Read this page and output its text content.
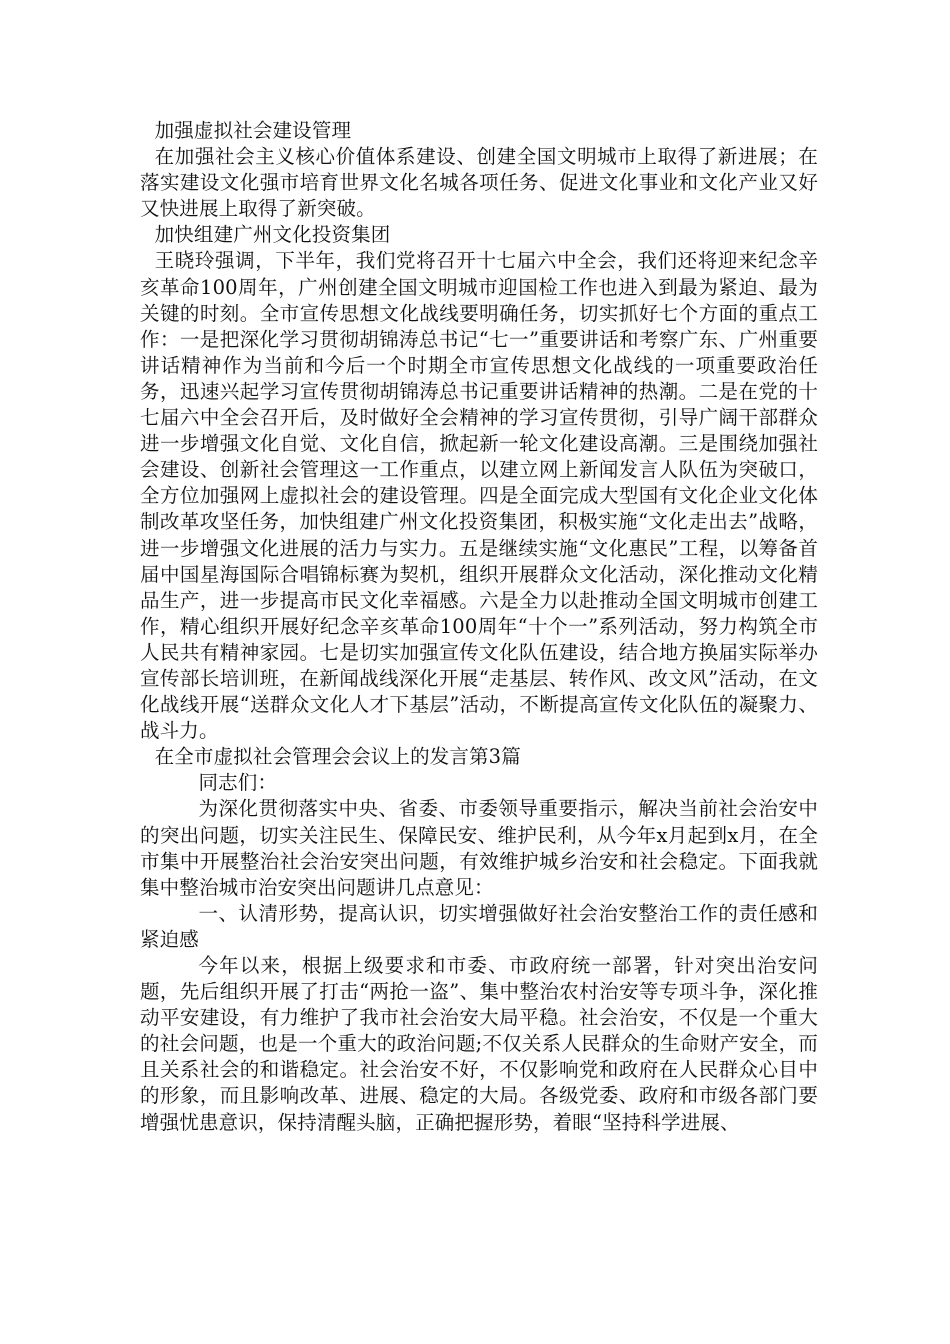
加强虚拟社会建设管理

在加强社会主义核心价值体系建设、创建全国文明城市上取得了新进展；在落实建设文化强市培育世界文化名城各项任务、促进文化事业和文化产业又好又快进展上取得了新突破。

加快组建广州文化投资集团

王晓玲强调，下半年，我们党将召开十七届六中全会，我们还将迎来纪念辛亥革命100周年，广州创建全国文明城市迎国检工作也进入到最为紧迫、最为关键的时刻。全市宣传思想文化战线要明确任务，切实抓好七个方面的重点工作：一是把深化学习贯彻胡锦涛总书记“七一”重要讲话和考察广东、广州重要讲话精神作为当前和今后一个时期全市宣传思想文化战线的一项重要政治任务，迅速兴起学习宣传贯彻胡锦涛总书记重要讲话精神的热潮。二是在党的十七届六中全会召开后，及时做好全会精神的学习宣传贯彻，引导广阔干部群众进一步增强文化自觉、文化自信，掀起新一轮文化建设高潮。三是围绕加强社会建设、创新社会管理这一工作重点，以建立网上新闻发言人队伍为突破口，全方位加强网上虚拟社会的建设管理。四是全面完成大型国有文化企业文化体制改革攻坚任务，加快组建广州文化投资集团，积极实施“文化走出去”战略，进一步增强文化进展的活力与实力。五是继续实施“文化惠民”工程，以筹备首届中国星海国际合唱锦标赛为契机，组织开展群众文化活动，深化推动文化精品生产，进一步提高市民文化幸福感。六是全力以赴推动全国文明城市创建工作，精心组织开展好纪念辛亥革命100周年“十个一”系列活动，努力构筑全市人民共有精神家园。七是切实加强宣传文化队伍建设，结合地方换届实际举办宣传部长培训班，在新闻战线深化开展“走基层、转作风、改文风”活动，在文化战线开展“送群众文化人才下基层”活动，不断提高宣传文化队伍的凝聚力、战斗力。

在全市虚拟社会管理会会议上的发言第3篇

同志们：

为深化贯彻落实中央、省委、市委领导重要指示，解决当前社会治安中的突出问题，切实关注民生、保障民安、维护民利，从今年x月起到x月，在全市集中开展整治社会治安突出问题，有效维护城乡治安和社会稳定。下面我就集中整治城市治安突出问题讲几点意见：

一、认清形势，提高认识，切实增强做好社会治安整治工作的责任感和紧迫感

今年以来，根据上级要求和市委、市政府统一部署，针对突出治安问题，先后组织开展了打击“两抢一盗”、集中整治农村治安等专项斗争，深化推动平安建设，有力维护了我市社会治安大局平稳。社会治安，不仅是一个重大的社会问题，也是一个重大的政治问题;不仅关系人民群众的生命财产安全，而且关系社会的和谐稳定。社会治安不好，不仅影响党和政府在人民群众心目中的形象，而且影响改革、进展、稳定的大局。各级党委、政府和市级各部门要增强忧患意识，保持清醒头脑，正确把握形势，着眼“坚持科学进展、
